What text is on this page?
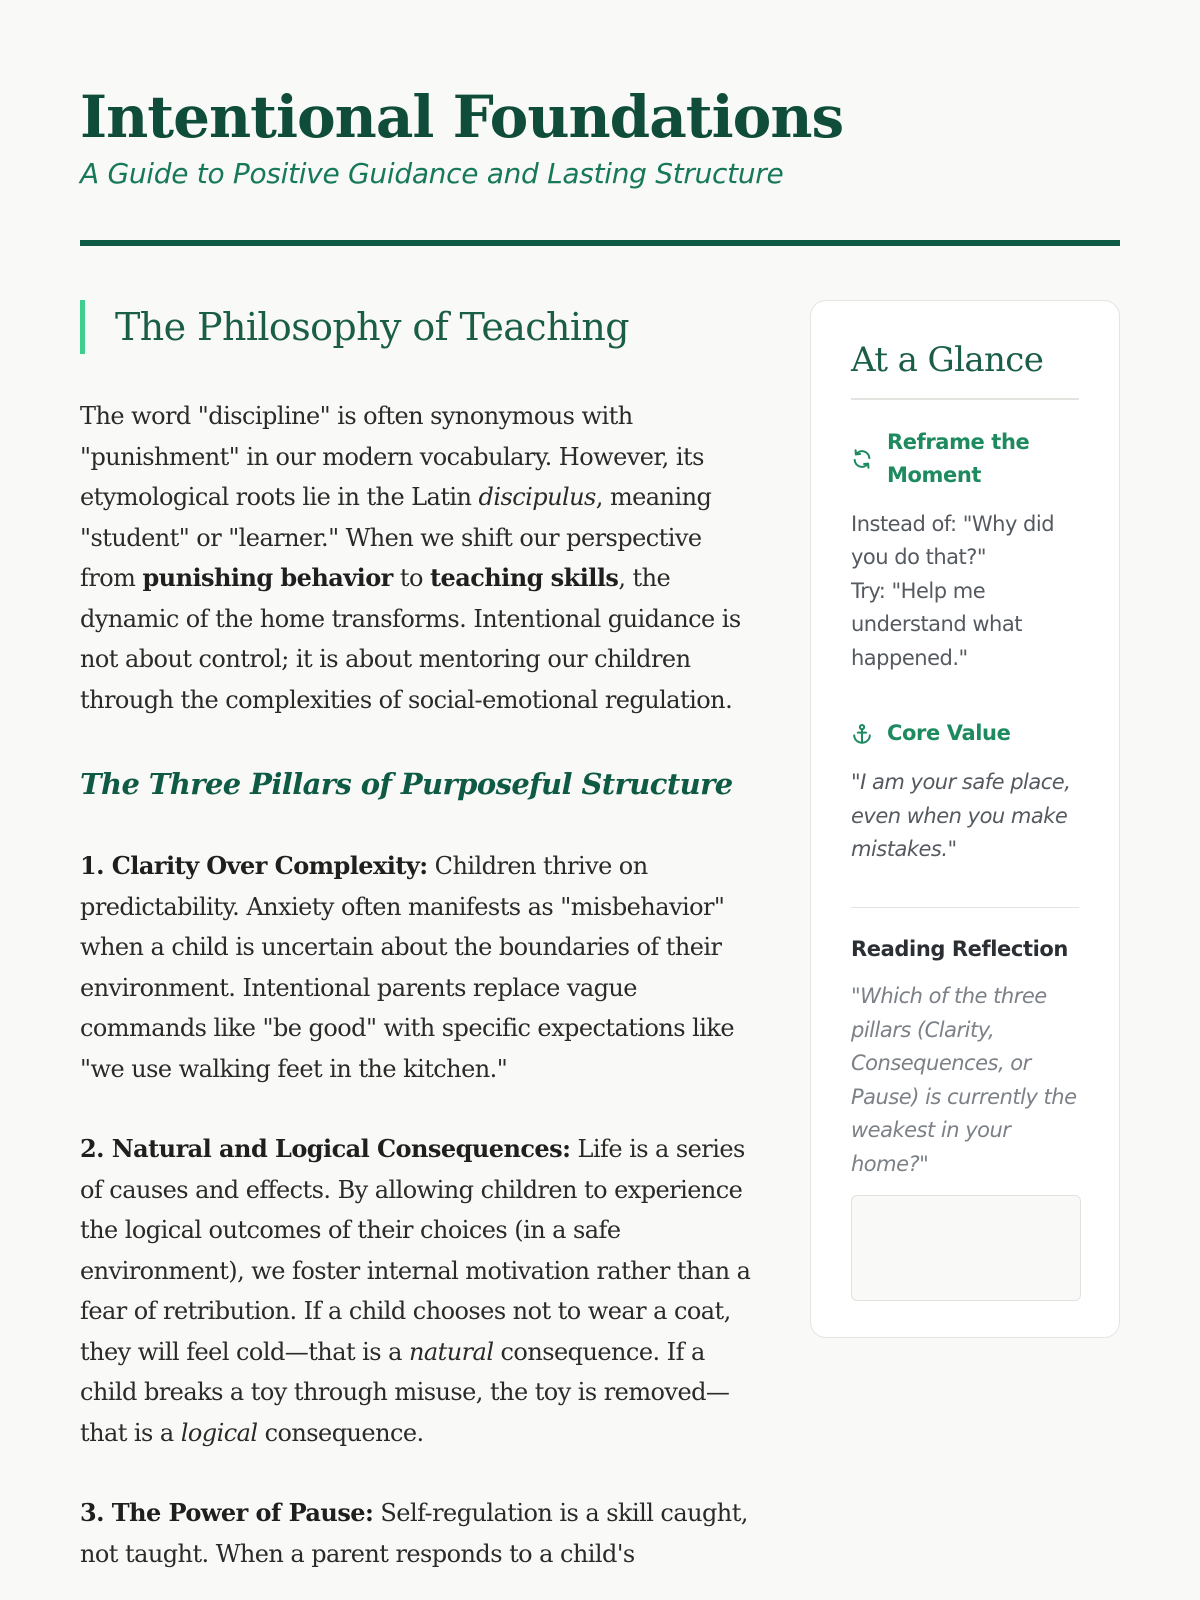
Intentional Foundations

A Guide to Positive Guidance and Lasting Structure

The Philosophy of Teaching

The word "discipline" is often synonymous with "punishment" in our modern vocabulary. However, its etymological roots lie in the Latin discipulus, meaning "student" or "learner." When we shift our perspective from punishing behavior to teaching skills, the dynamic of the home transforms. Intentional guidance is not about control; it is about mentoring our children through the complexities of social-emotional regulation.

The Three Pillars of Purposeful Structure

1. Clarity Over Complexity: Children thrive on predictability. Anxiety often manifests as "misbehavior" when a child is uncertain about the boundaries of their environment. Intentional parents replace vague commands like "be good" with specific expectations like "we use walking feet in the kitchen."

2. Natural and Logical Consequences: Life is a series of causes and effects. By allowing children to experience the logical outcomes of their choices (in a safe environment), we foster internal motivation rather than a fear of retribution. If a child chooses not to wear a coat, they will feel cold—that is a natural consequence. If a child breaks a toy through misuse, the toy is removed—that is a logical consequence.

3. The Power of Pause: Self-regulation is a skill caught, not taught. When a parent responds to a child's

At a Glance
Reframe the Moment

Instead of: "Why did you do that?"
Try: "Help me understand what happened."

Core Value

"I am your safe place, even when you make mistakes."

Reading Reflection

"Which of the three pillars (Clarity, Consequences, or Pause) is currently the weakest in your home?"
